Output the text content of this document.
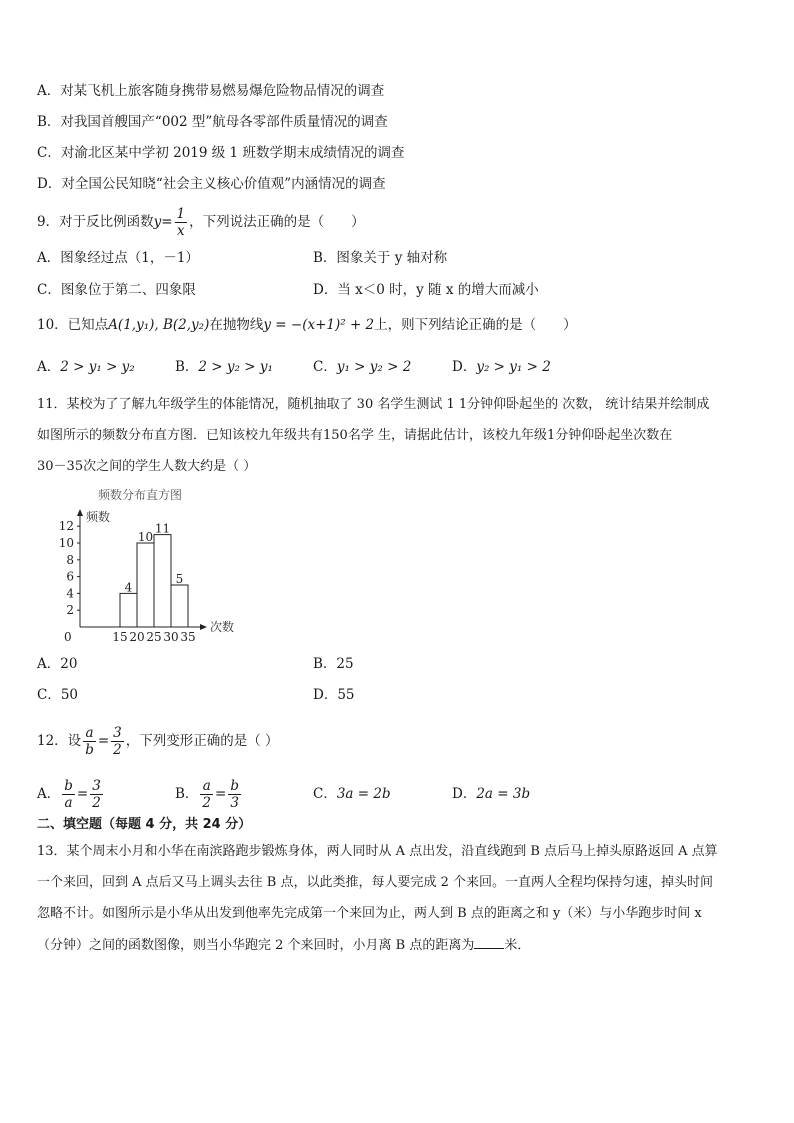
A．对某飞机上旅客随身携带易燃易爆危险物品情况的调查
B．对我国首艘国产“002 型”航母各零部件质量情况的调查
C．对渝北区某中学初 2019 级 1 班数学期末成绩情况的调查
D．对全国公民知晓“社会主义核心价值观”内涵情况的调查
9．对于反比例函数$y= \frac{1}{x}$ ，下列说法正确的是（　　）
A．图象经过点（1，－1）	B．图象关于 y 轴对称
C．图象位于第二、四象限	D．当 x＜0 时，y 随 x 的增大而减小
10．已知点A(1,y₁), B(2,y₂)在抛物线y = −(x+1)² + 2上，则下列结论正确的是（　　）
A．2 > y₁ > y₂	B．2 > y₂ > y₁	C．y₁ > y₂ > 2	D．y₂ > y₁ > 2
11．某校为了了解九年级学生的体能情况，随机抽取了 30 名学生测试 1 1分钟仰卧起坐的 次数， 统计结果并绘制成
如图所示的频数分布直方图．已知该校九年级共有150名学 生，请据此估计，该校九年级1分钟仰卧起坐次数在
30－35次之间的学生人数大约是（ ）
频数分布直方图
频数
次数
0
2
4
6
8
10
12
4
10
11
5
15 20 25 30 35
A．20	B．25
C．50	D．55
12．设 $\frac{a}{b} = \frac{3}{2}$ ，下列变形正确的是（ ）
A． $\frac{b}{a} = \frac{3}{2}$	B． $\frac{a}{2} = \frac{b}{3}$	C．3a = 2b	D．2a = 3b
二、填空题（每题 4 分，共 24 分）
13．某个周末小月和小华在南滨路跑步锻炼身体，两人同时从 A 点出发，沿直线跑到 B 点后马上掉头原路返回 A 点算
一个来回，回到 A 点后又马上调头去往 B 点，以此类推，每人要完成 2 个来回。一直两人全程均保持匀速，掉头时间
忽略不计。如图所示是小华从出发到他率先完成第一个来回为止，两人到 B 点的距离之和 y（米）与小华跑步时间 x
（分钟）之间的函数图像，则当小华跑完 2 个来回时，小月离 B 点的距离为 米．
